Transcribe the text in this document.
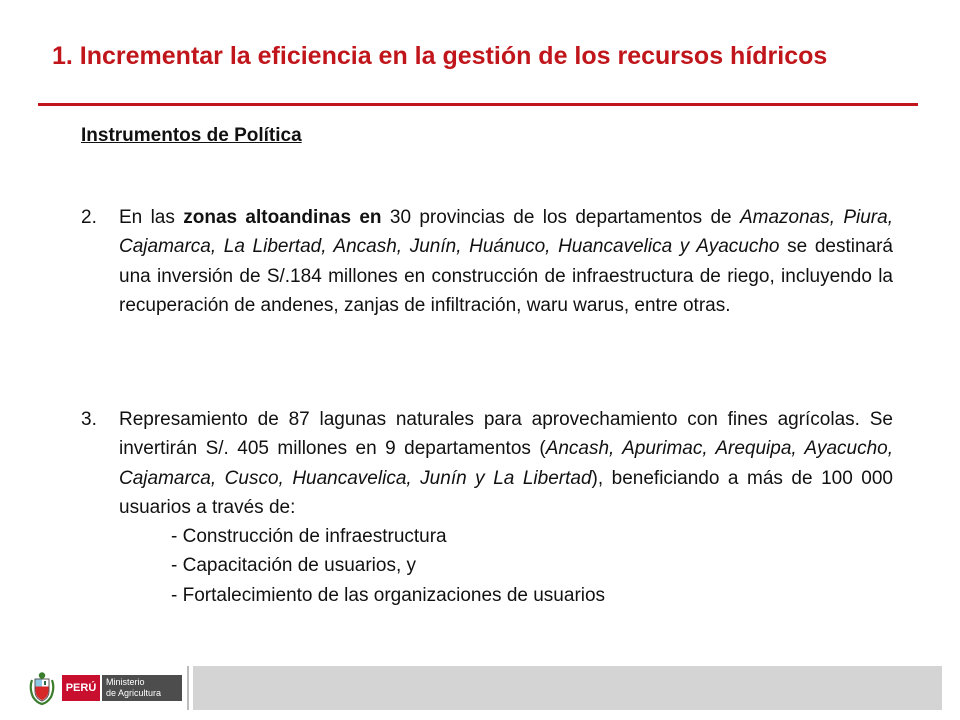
1. Incrementar la eficiencia en la gestión de los recursos hídricos
Instrumentos de Política
2. En las zonas altoandinas en 30 provincias de los departamentos de Amazonas, Piura, Cajamarca, La Libertad, Ancash, Junín, Huánuco, Huancavelica y Ayacucho se destinará una inversión de S/.184 millones en construcción de infraestructura de riego, incluyendo la recuperación de andenes, zanjas de infiltración, waru warus, entre otras.
3. Represamiento de 87 lagunas naturales para aprovechamiento con fines agrícolas. Se invertirán S/. 405 millones en 9 departamentos (Ancash, Apurimac, Arequipa, Ayacucho, Cajamarca, Cusco, Huancavelica, Junín y La Libertad), beneficiando a más de 100 000 usuarios a través de:
- Construcción de infraestructura
- Capacitación de usuarios, y
- Fortalecimiento de las organizaciones de usuarios
PERÚ	Ministerio
de Agricultura
